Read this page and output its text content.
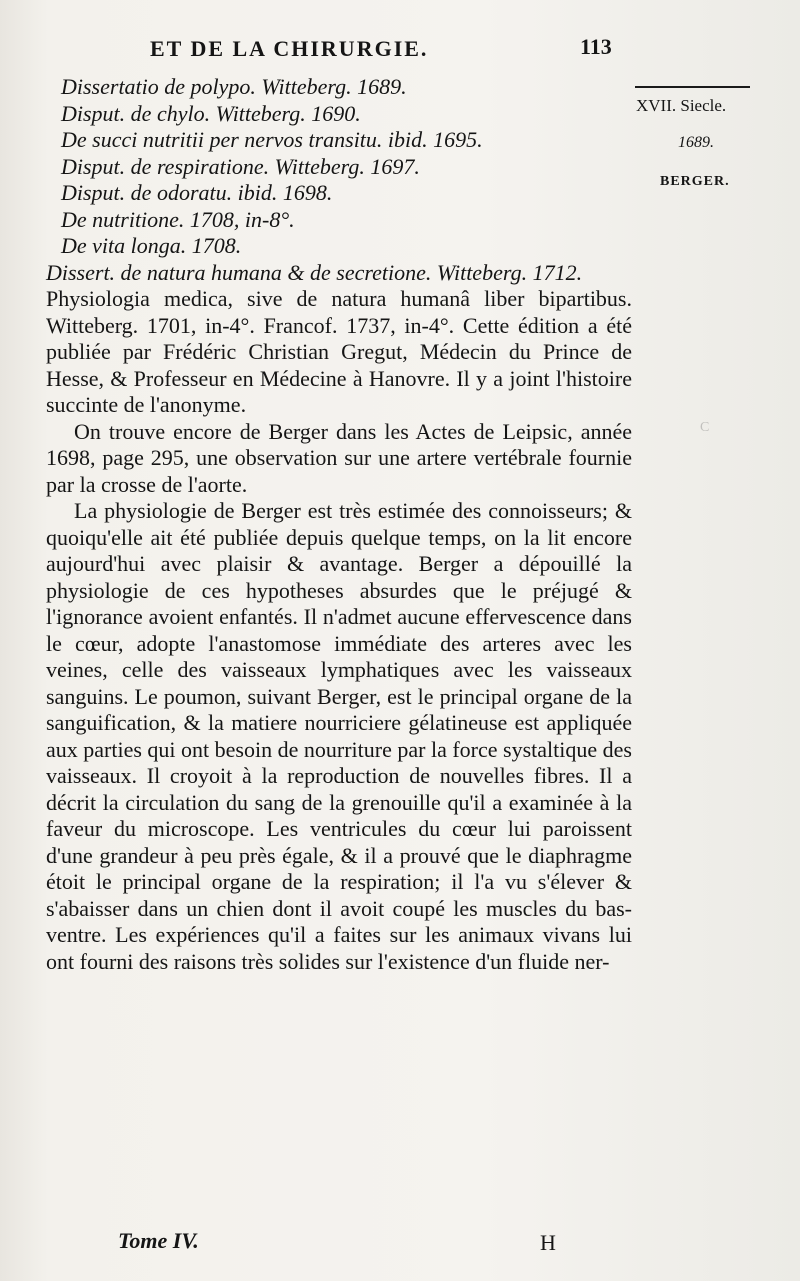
C
ET DE LA CHIRURGIE.	113
XVII. Siecle.
1689.
BERGER.
Dissertatio de polypo. Witteberg. 1689.
Disput. de chylo. Witteberg. 1690.
De succi nutritii per nervos transitu. ibid. 1695.
Disput. de respiratione. Witteberg. 1697.
Disput. de odoratu. ibid. 1698.
De nutritione. 1708, in-8°.
De vita longa. 1708.
Dissert. de natura humana & de secretione. Witteberg. 1712.

Physiologia medica, sive de natura humanâ liber bipartibus. Witteberg. 1701, in-4°. Francof. 1737, in-4°. Cette édition a été publiée par Frédéric Christian Gregut, Médecin du Prince de Hesse, & Professeur en Médecine à Hanovre. Il y a joint l'histoire succinte de l'anonyme.

On trouve encore de Berger dans les Actes de Leipsic, année 1698, page 295, une observation sur une artere vertébrale fournie par la crosse de l'aorte.

La physiologie de Berger est très estimée des connoisseurs; & quoiqu'elle ait été publiée depuis quelque temps, on la lit encore aujourd'hui avec plaisir & avantage. Berger a dépouillé la physiologie de ces hypotheses absurdes que le préjugé & l'ignorance avoient enfantés. Il n'admet aucune effervescence dans le cœur, adopte l'anastomose immédiate des arteres avec les veines, celle des vaisseaux lymphatiques avec les vaisseaux sanguins. Le poumon, suivant Berger, est le principal organe de la sanguification, & la matiere nourriciere gélatineuse est appliquée aux parties qui ont besoin de nourriture par la force systaltique des vaisseaux. Il croyoit à la reproduction de nouvelles fibres. Il a décrit la circulation du sang de la grenouille qu'il a examinée à la faveur du microscope. Les ventricules du cœur lui paroissent d'une grandeur à peu près égale, & il a prouvé que le diaphragme étoit le principal organe de la respiration; il l'a vu s'élever & s'abaisser dans un chien dont il avoit coupé les muscles du bas-ventre. Les expériences qu'il a faites sur les animaux vivans lui ont fourni des raisons très solides sur l'existence d'un fluide ner-

Tome IV.	H
